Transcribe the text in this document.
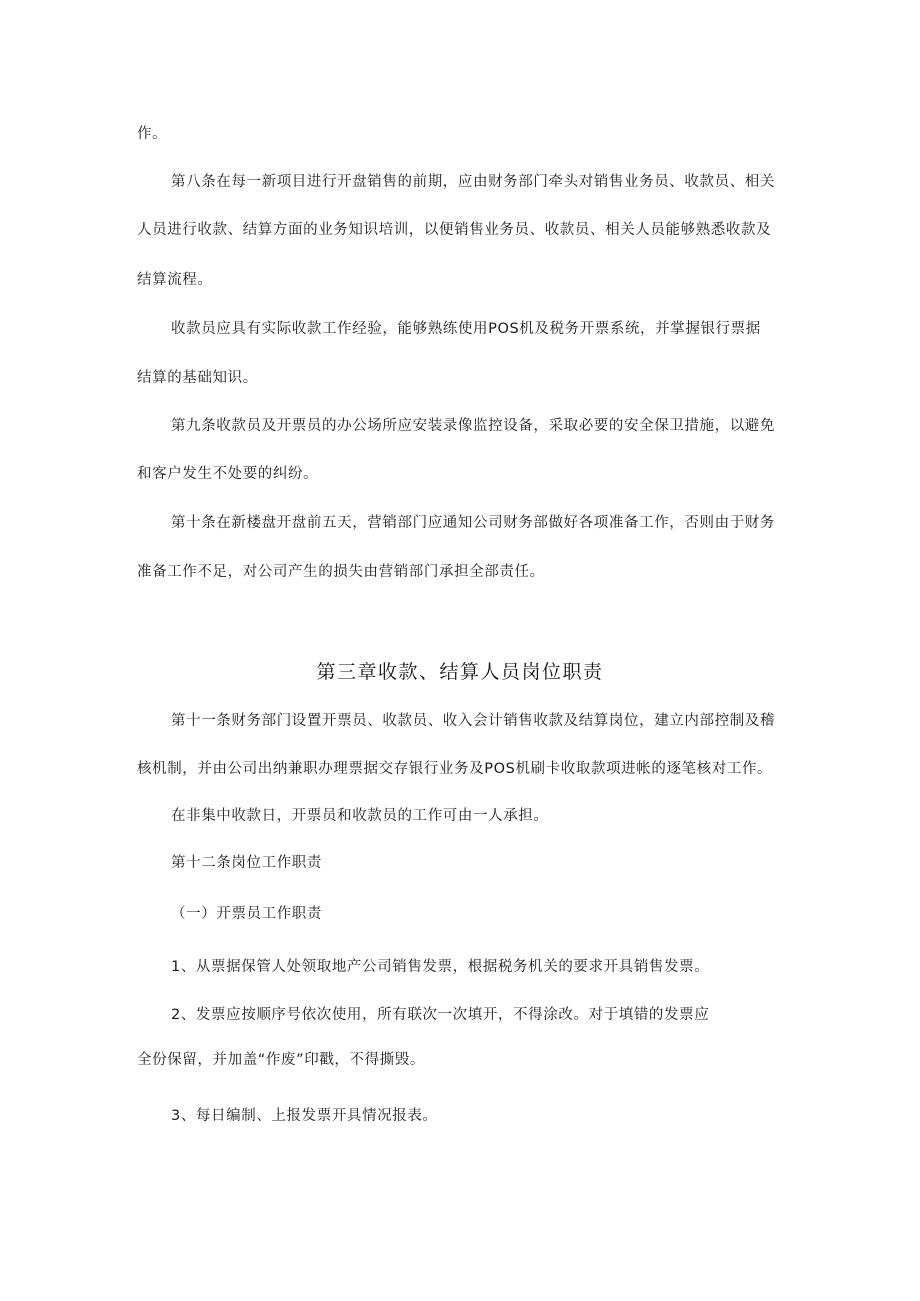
作。
第八条在每一新项目进行开盘销售的前期，应由财务部门牵头对销售业务员、收款员、相关
人员进行收款、结算方面的业务知识培训，以便销售业务员、收款员、相关人员能够熟悉收款及
结算流程。
收款员应具有实际收款工作经验，能够熟练使用POS机及税务开票系统，并掌握银行票据
结算的基础知识。
第九条收款员及开票员的办公场所应安装录像监控设备，采取必要的安全保卫措施，以避免
和客户发生不处要的纠纷。
第十条在新楼盘开盘前五天，营销部门应通知公司财务部做好各项准备工作，否则由于财务
准备工作不足，对公司产生的损失由营销部门承担全部责任。
第三章收款、结算人员岗位职责
第十一条财务部门设置开票员、收款员、收入会计销售收款及结算岗位，建立内部控制及稽
核机制，并由公司出纳兼职办理票据交存银行业务及POS机刷卡收取款项进帐的逐笔核对工作。
在非集中收款日，开票员和收款员的工作可由一人承担。
第十二条岗位工作职责
（一）开票员工作职责
1、从票据保管人处领取地产公司销售发票，根据税务机关的要求开具销售发票。
2、发票应按顺序号依次使用，所有联次一次填开，不得涂改。对于填错的发票应
全份保留，并加盖“作废”印戳，不得撕毁。
3、每日编制、上报发票开具情况报表。
